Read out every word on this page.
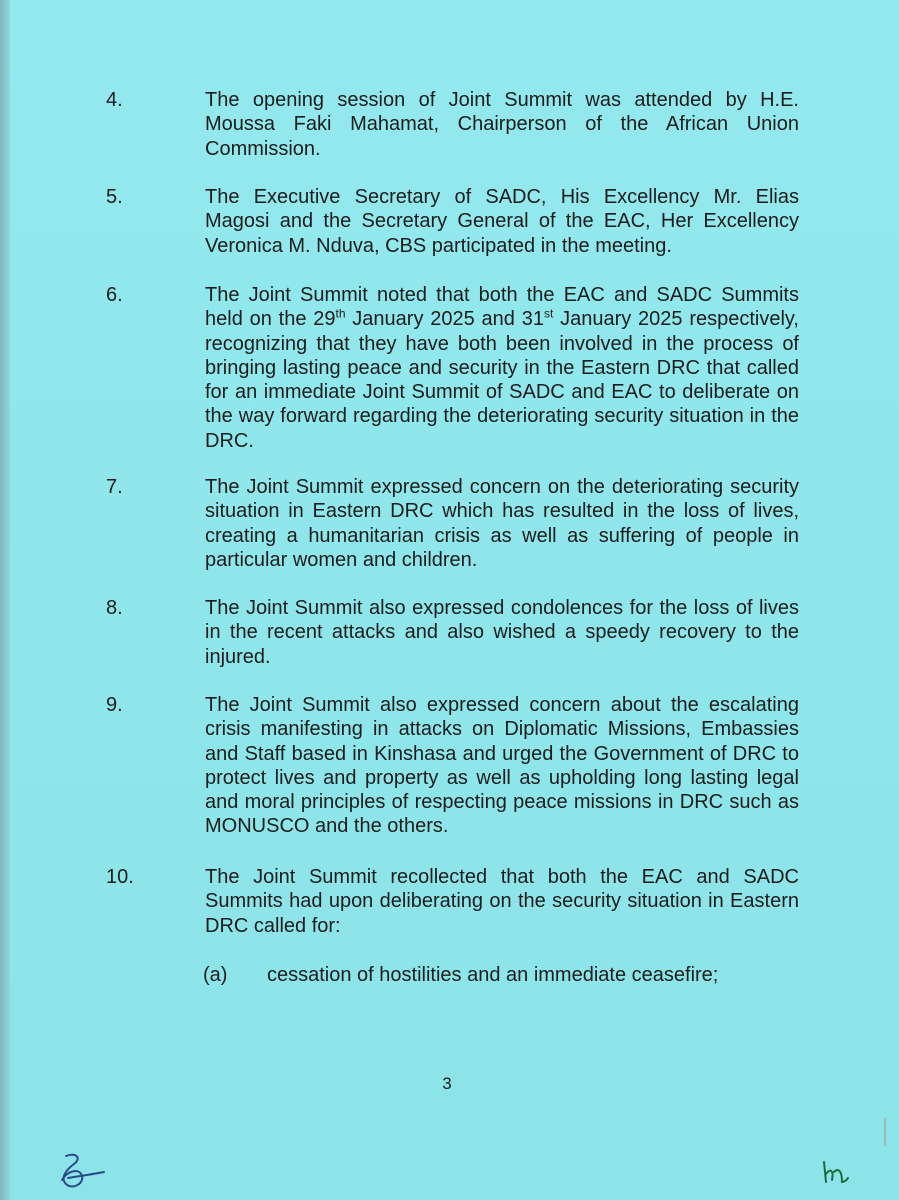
4.	The opening session of Joint Summit was attended by H.E. Moussa Faki Mahamat, Chairperson of the African Union Commission.
5.	The Executive Secretary of SADC, His Excellency Mr. Elias Magosi and the Secretary General of the EAC, Her Excellency Veronica M. Nduva, CBS participated in the meeting.
6.	The Joint Summit noted that both the EAC and SADC Summits held on the 29th January 2025 and 31st January 2025 respectively, recognizing that they have both been involved in the process of bringing lasting peace and security in the Eastern DRC that called for an immediate Joint Summit of SADC and EAC to deliberate on the way forward regarding the deteriorating security situation in the DRC.
7.	The Joint Summit expressed concern on the deteriorating security situation in Eastern DRC which has resulted in the loss of lives, creating a humanitarian crisis as well as suffering of people in particular women and children.
8.	The Joint Summit also expressed condolences for the loss of lives in the recent attacks and also wished a speedy recovery to the injured.
9.	The Joint Summit also expressed concern about the escalating crisis manifesting in attacks on Diplomatic Missions, Embassies and Staff based in Kinshasa and urged the Government of DRC to protect lives and property as well as upholding long lasting legal and moral principles of respecting peace missions in DRC such as MONUSCO and the others.
10.	The Joint Summit recollected that both the EAC and SADC Summits had upon deliberating on the security situation in Eastern DRC called for:
(a) cessation of hostilities and an immediate ceasefire;
3
